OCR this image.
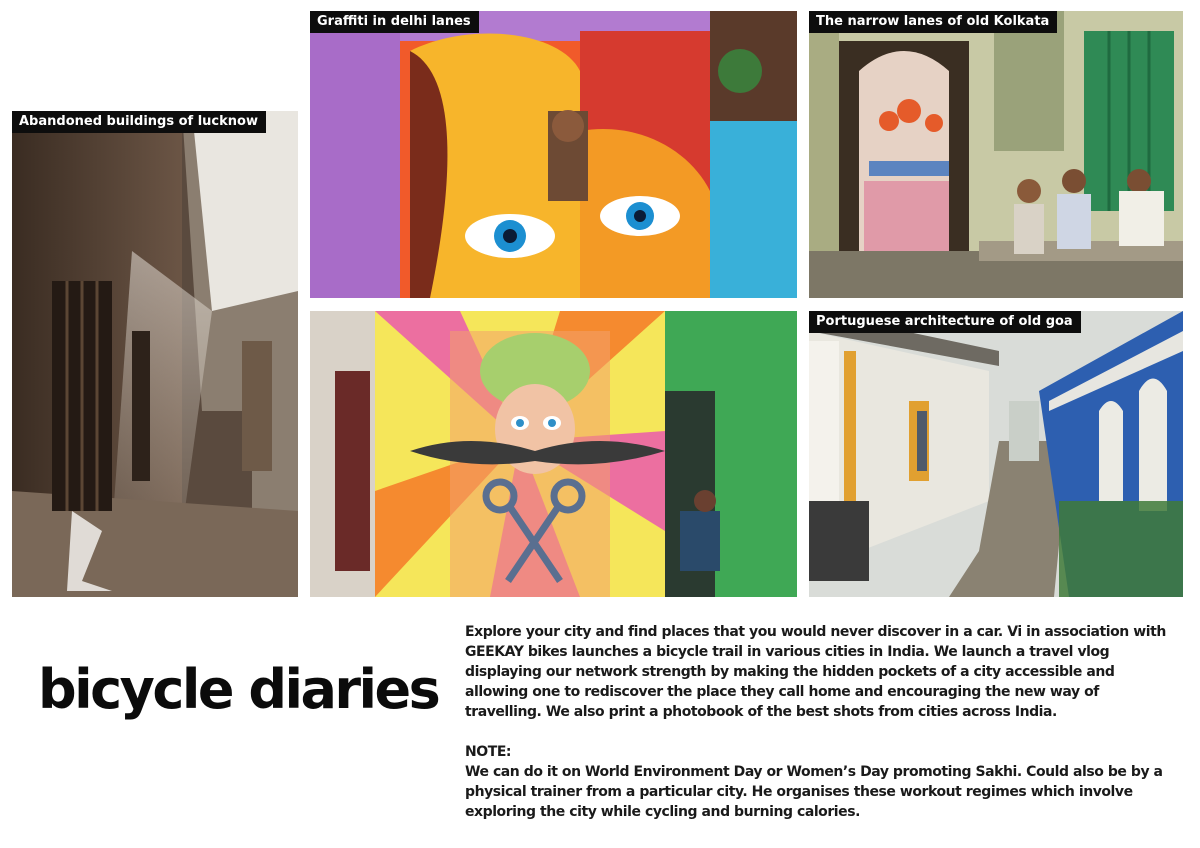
Abandoned buildings of lucknow
Graffiti in delhi lanes	The narrow lanes of old Kolkata
Portuguese architecture of old goa
bicycle diaries

Explore your city and find places that you would never discover in a car. Vi in association with GEEKAY bikes launches a bicycle trail in various cities in India. We launch a travel vlog displaying our network strength by making the hidden pockets of a city accessible and allowing one to rediscover the place they call home and encouraging the new way of travelling. We also print a photobook of the best shots from cities across India.

NOTE:

We can do it on World Environment Day or Women’s Day promoting Sakhi. Could also be by a physical trainer from a particular city. He organises these workout regimes which involve exploring the city while cycling and burning calories.
